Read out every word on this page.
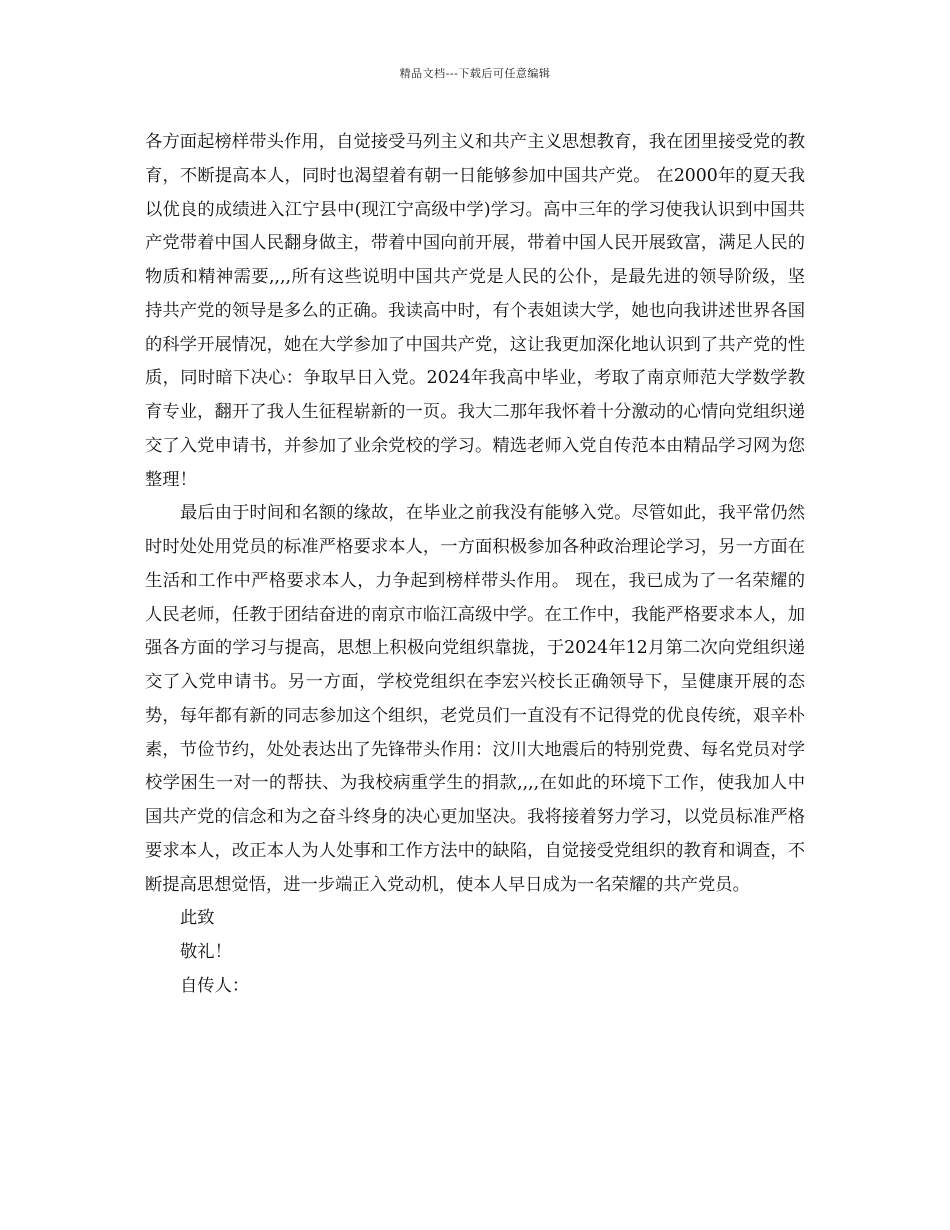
精品文档---下载后可任意编辑

各方面起榜样带头作用，自觉接受马列主义和共产主义思想教育，我在团里接受党的教育，不断提高本人，同时也渴望着有朝一日能够参加中国共产党。 在2000年的夏天我以优良的成绩进入江宁县中(现江宁高级中学)学习。高中三年的学习使我认识到中国共产党带着中国人民翻身做主，带着中国向前开展，带着中国人民开展致富，满足人民的物质和精神需要,,,,所有这些说明中国共产党是人民的公仆，是最先进的领导阶级，坚持共产党的领导是多么的正确。我读高中时，有个表姐读大学，她也向我讲述世界各国的科学开展情况，她在大学参加了中国共产党，这让我更加深化地认识到了共产党的性质，同时暗下决心：争取早日入党。2024年我高中毕业，考取了南京师范大学数学教育专业，翻开了我人生征程崭新的一页。我大二那年我怀着十分激动的心情向党组织递交了入党申请书，并参加了业余党校的学习。精选老师入党自传范本由精品学习网为您整理！

最后由于时间和名额的缘故，在毕业之前我没有能够入党。尽管如此，我平常仍然时时处处用党员的标准严格要求本人，一方面积极参加各种政治理论学习，另一方面在生活和工作中严格要求本人，力争起到榜样带头作用。 现在，我已成为了一名荣耀的人民老师，任教于团结奋进的南京市临江高级中学。在工作中，我能严格要求本人，加强各方面的学习与提高，思想上积极向党组织靠拢，于2024年12月第二次向党组织递交了入党申请书。另一方面，学校党组织在李宏兴校长正确领导下，呈健康开展的态势，每年都有新的同志参加这个组织，老党员们一直没有不记得党的优良传统，艰辛朴素，节俭节约，处处表达出了先锋带头作用：汶川大地震后的特别党费、每名党员对学校学困生一对一的帮扶、为我校病重学生的捐款,,,,在如此的环境下工作，使我加人中国共产党的信念和为之奋斗终身的决心更加坚决。我将接着努力学习，以党员标准严格要求本人，改正本人为人处事和工作方法中的缺陷，自觉接受党组织的教育和调查，不断提高思想觉悟，进一步端正入党动机，使本人早日成为一名荣耀的共产党员。

此致

敬礼！

自传人：
